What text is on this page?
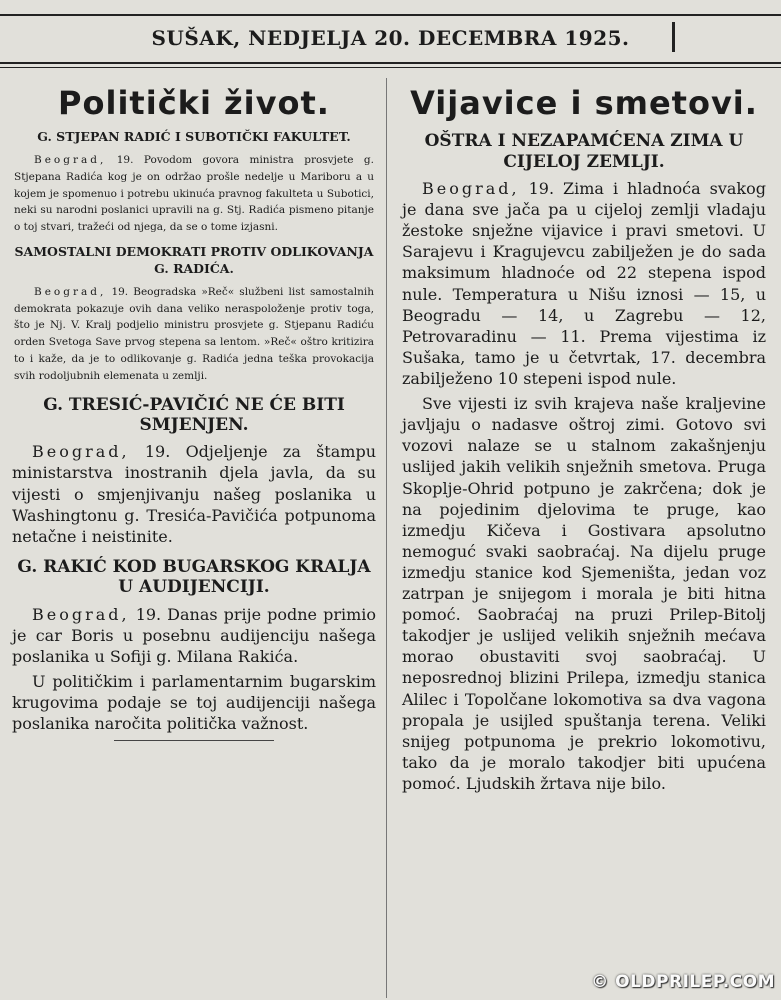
SUŠAK, NEDJELJA 20. DECEMBRA 1925.
Politički život.
G. STJEPAN RADIĆ I SUBOTIČKI FAKULTET.

Beograd, 19. Povodom govora ministra prosvjete g. Stjepana Radića kog je on održao prošle nedelje u Mariboru a u kojem je spomenuo i potrebu ukinuća pravnog fakulteta u Subotici, neki su narodni poslanici upravili na g. Stj. Radića pismeno pitanje o toj stvari, tražeći od njega, da se o tome izjasni.

SAMOSTALNI DEMOKRATI PROTIV ODLIKOVANJA G. RADIĆA.

Beograd, 19. Beogradska »Reč« službeni list samostalnih demokrata pokazuje ovih dana veliko neraspoloženje protiv toga, što je Nj. V. Kralj podjelio ministru prosvjete g. Stjepanu Radiću orden Svetoga Save prvog stepena sa lentom. »Reč« oštro kritizira to i kaže, da je to odlikovanje g. Radića jedna teška provokacija svih rodoljubnih elemenata u zemlji.

G. TRESIĆ-PAVIČIĆ NE ĆE BITI SMJENJEN.

Beograd, 19. Odjeljenje za štampu ministarstva inostranih djela javla, da su vijesti o smjenjivanju našeg poslanika u Washingtonu g. Tresića-Pavičića potpunoma netačne i neistinite.

G. RAKIĆ KOD BUGARSKOG KRALJA U AUDIJENCIJI.

Beograd, 19. Danas prije podne primio je car Boris u posebnu audijenciju našega poslanika u Sofiji g. Milana Rakića.

U političkim i parlamentarnim bugarskim krugovima podaje se toj audijenciji našega poslanika naročita politička važnost.

Vijavice i smetovi.
OŠTRA I NEZAPAMĆENA ZIMA U CIJELOJ ZEMLJI.

Beograd, 19. Zima i hladnoća svakog je dana sve jača pa u cijeloj zemlji vladaju žestoke snježne vijavice i pravi smetovi. U Sarajevu i Kragujevcu zabilježen je do sada maksimum hladnoće od 22 stepena ispod nule. Temperatura u Nišu iznosi — 15, u Beogradu — 14, u Zagrebu — 12, Petrovaradinu — 11. Prema vijestima iz Sušaka, tamo je u četvrtak, 17. decembra zabilježeno 10 stepeni ispod nule.

Sve vijesti iz svih krajeva naše kraljevine javljaju o nadasve oštroj zimi. Gotovo svi vozovi nalaze se u stalnom zakašnjenju uslijed jakih velikih snježnih smetova. Pruga Skoplje-Ohrid potpuno je zakrčena; dok je na pojedinim djelovima te pruge, kao izmedju Kičeva i Gostivara apsolutno nemoguć svaki saobraćaj. Na dijelu pruge izmedju stanice kod Sjemeništa, jedan voz zatrpan je snijegom i morala je biti hitna pomoć. Saobraćaj na pruzi Prilep-Bitolj takodjer je uslijed velikih snježnih mećava morao obustaviti svoj saobraćaj. U neposrednoj blizini Prilepa, izmedju stanica Alilec i Topolčane lokomotiva sa dva vagona propala je usijled spuštanja terena. Veliki snijeg potpunoma je prekrio lokomotivu, tako da je moralo takodjer biti upućena pomoć. Ljudskih žrtava nije bilo.

© OLDPRILEP.COM
